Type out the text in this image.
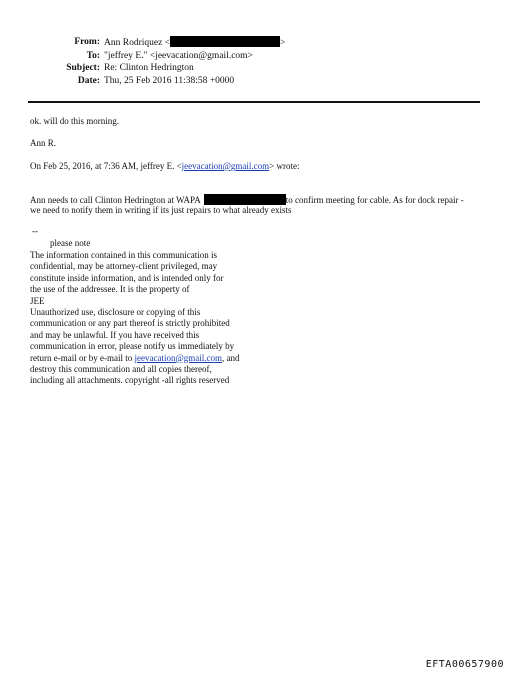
From: Ann Rodriquez <	>
To: "jeffrey E." <jeevacation@gmail.com>
Subject: Re: Clinton Hedrington
Date: Thu, 25 Feb 2016 11:38:58 +0000
ok. will do this morning.
Ann R.
On Feb 25, 2016, at 7:36 AM, jeffrey E. <jeevacation@gmail.com> wrote:
Ann needs to call Clinton Hedrington at WAPA	to confirm meeting for cable. As for dock repair -
we need to notify them in writing if its just repairs to what already exists
--
please note
The information contained in this communication is
confidential, may be attorney-client privileged, may
constitute inside information, and is intended only for
the use of the addressee. It is the property of
JEE
Unauthorized use, disclosure or copying of this
communication or any part thereof is strictly prohibited
and may be unlawful. If you have received this
communication in error, please notify us immediately by
return e-mail or by e-mail to jeevacation@gmail.com, and
destroy this communication and all copies thereof,
including all attachments. copyright -all rights reserved
EFTA00657900
